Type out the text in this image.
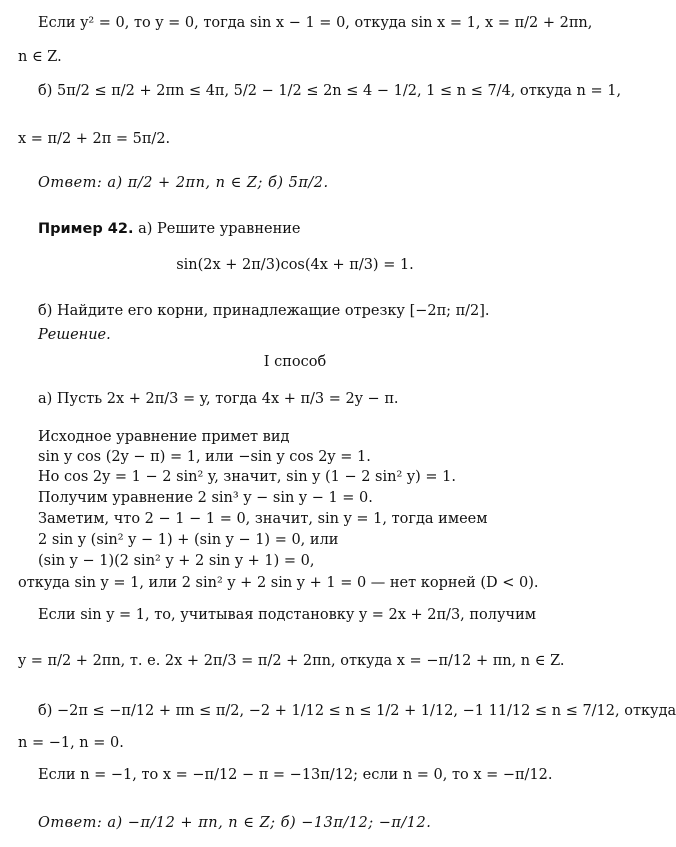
Если y² = 0, то y = 0, тогда sin x − 1 = 0, откуда sin x = 1, x = π/2 + 2πn,
n ∈ Z.
б) 5π/2 ≤ π/2 + 2πn ≤ 4π, 5/2 − 1/2 ≤ 2n ≤ 4 − 1/2, 1 ≤ n ≤ 7/4, откуда n = 1,
x = π/2 + 2π = 5π/2.
Ответ: а) π/2 + 2πn, n ∈ Z; б) 5π/2.
Пример 42. а) Решите уравнение
sin(2x + 2π/3)cos(4x + π/3) = 1.
б) Найдите его корни, принадлежащие отрезку [−2π; π/2].
Решение.
I способ
а) Пусть 2x + 2π/3 = y, тогда 4x + π/3 = 2y − π.
Исходное уравнение примет вид
sin y cos (2y − π) = 1, или −sin y cos 2y = 1.
Но cos 2y = 1 − 2 sin² y, значит, sin y (1 − 2 sin² y) = 1.
Получим уравнение 2 sin³ y − sin y − 1 = 0.
Заметим, что 2 − 1 − 1 = 0, значит, sin y = 1, тогда имеем
2 sin y (sin² y − 1) + (sin y − 1) = 0, или
(sin y − 1)(2 sin² y + 2 sin y + 1) = 0,
откуда sin y = 1, или 2 sin² y + 2 sin y + 1 = 0 — нет корней (D < 0).
Если sin y = 1, то, учитывая подстановку y = 2x + 2π/3, получим
y = π/2 + 2πn, т. е. 2x + 2π/3 = π/2 + 2πn, откуда x = −π/12 + πn, n ∈ Z.
б) −2π ≤ −π/12 + πn ≤ π/2, −2 + 1/12 ≤ n ≤ 1/2 + 1/12, −1 11/12 ≤ n ≤ 7/12, откуда
n = −1, n = 0.
Если n = −1, то x = −π/12 − π = −13π/12; если n = 0, то x = −π/12.
Ответ: а) −π/12 + πn, n ∈ Z; б) −13π/12; −π/12.
